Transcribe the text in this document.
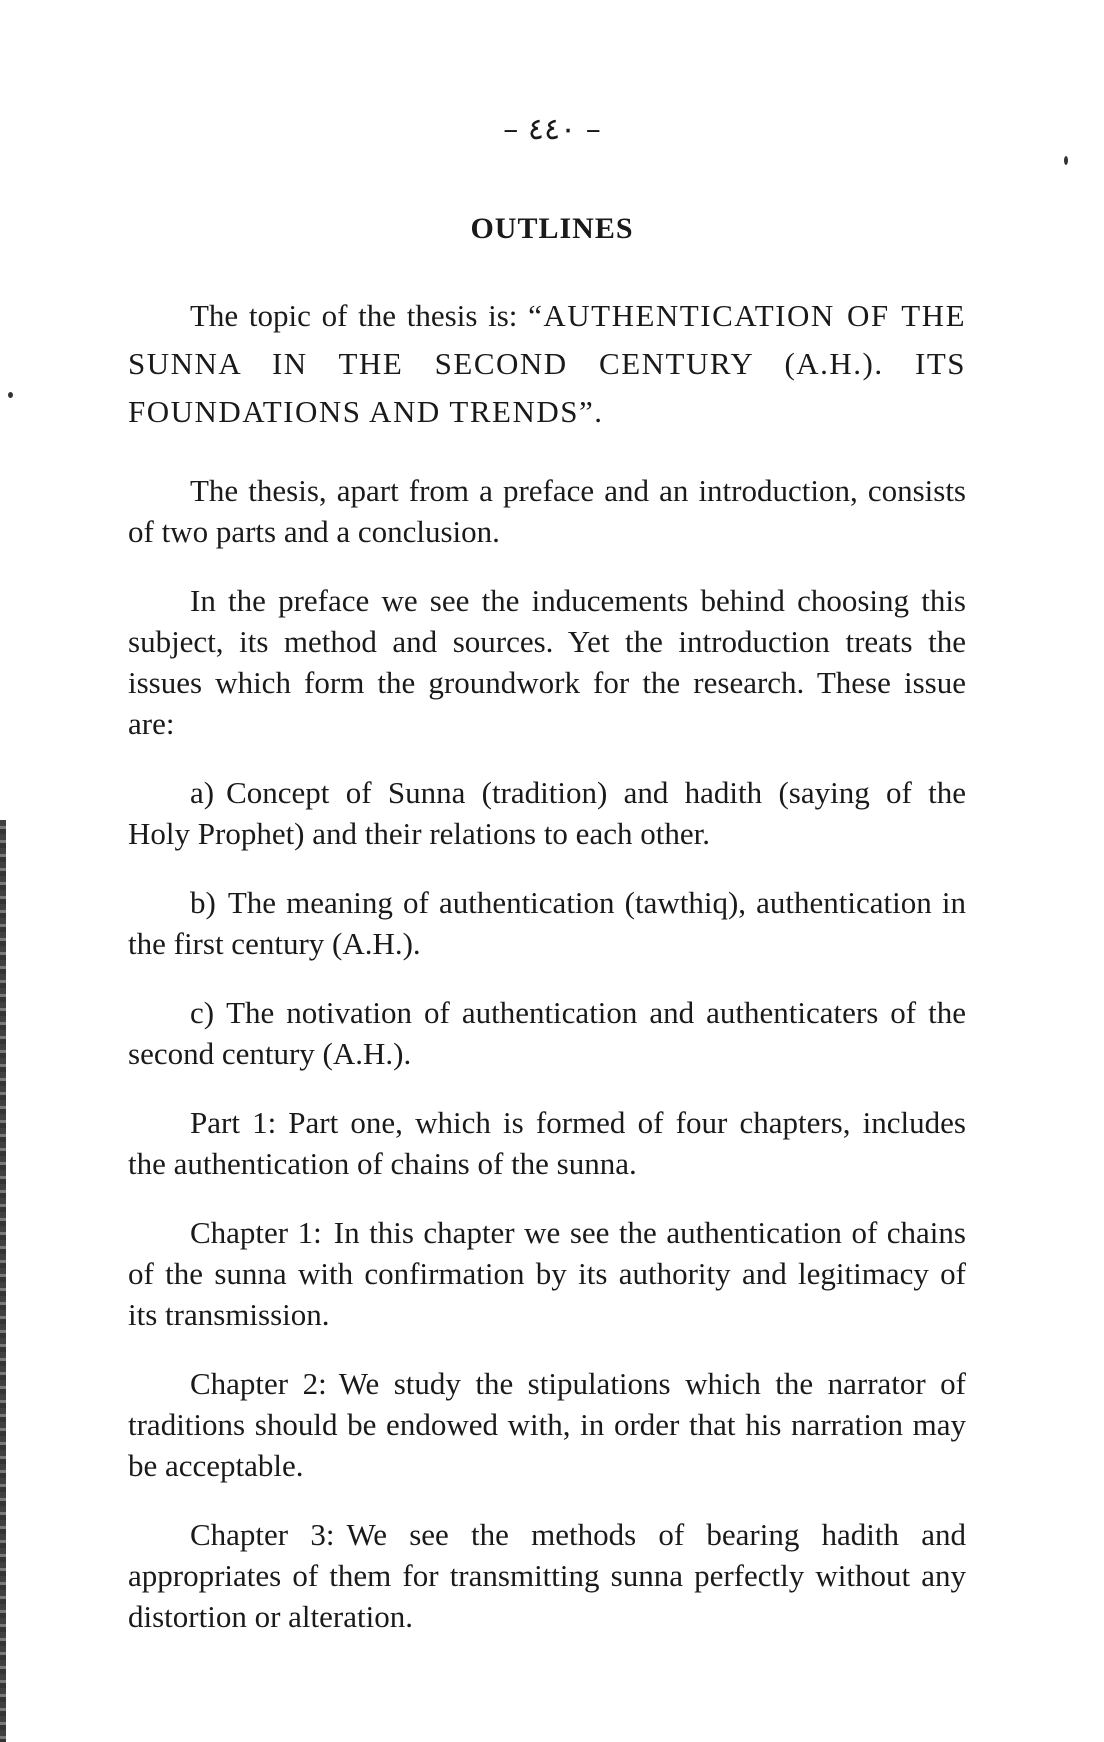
– ٤٤٠ –
OUTLINES

The topic of the thesis is: “AUTHENTICATION OF THE SUNNA IN THE SECOND CENTURY (A.H.). ITS FOUNDATIONS AND TRENDS”.

The thesis, apart from a preface and an introduction, consists of two parts and a conclusion.

In the preface we see the inducements behind choosing this subject, its method and sources. Yet the introduction treats the issues which form the groundwork for the research. These issue are:

a) Concept of Sunna (tradition) and hadith (saying of the Holy Prophet) and their relations to each other.

b) The meaning of authentication (tawthiq), authentication in the first century (A.H.).

c) The notivation of authentication and authenticaters of the second century (A.H.).

Part 1: Part one, which is formed of four chapters, includes the authentication of chains of the sunna.

Chapter 1: In this chapter we see the authentication of chains of the sunna with confirmation by its authority and legitimacy of its transmission.

Chapter 2: We study the stipulations which the narrator of traditions should be endowed with, in order that his narration may be acceptable.

Chapter 3: We see the methods of bearing hadith and appropriates of them for transmitting sunna perfectly without any distortion or alteration.
